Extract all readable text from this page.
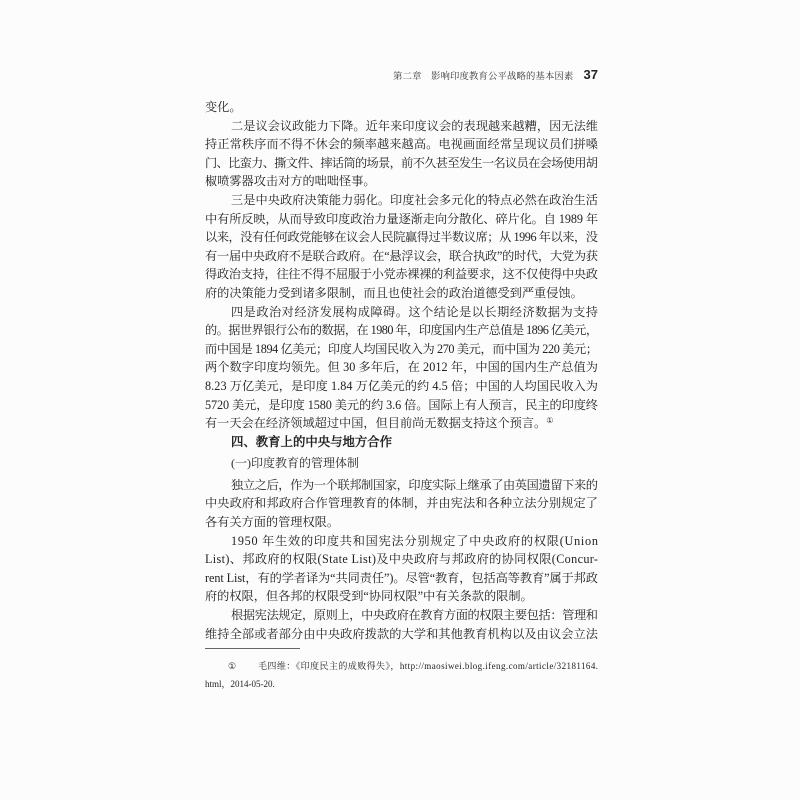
第二章　影响印度教育公平战略的基本因素 37
变化。
二是议会议政能力下降。近年来印度议会的表现越来越糟，因无法维
持正常秩序而不得不休会的频率越来越高。电视画面经常呈现议员们拼嗓
门、比蛮力、撕文件、摔话筒的场景，前不久甚至发生一名议员在会场使用胡
椒喷雾器攻击对方的咄咄怪事。
三是中央政府决策能力弱化。印度社会多元化的特点必然在政治生活
中有所反映，从而导致印度政治力量逐渐走向分散化、碎片化。自 1989 年
以来，没有任何政党能够在议会人民院赢得过半数议席；从 1996 年以来，没
有一届中央政府不是联合政府。在“悬浮议会，联合执政”的时代，大党为获
得政治支持，往往不得不屈服于小党赤裸裸的利益要求，这不仅使得中央政
府的决策能力受到诸多限制，而且也使社会的政治道德受到严重侵蚀。
四是政治对经济发展构成障碍。这个结论是以长期经济数据为支持
的。据世界银行公布的数据，在 1980 年，印度国内生产总值是 1896 亿美元，
而中国是 1894 亿美元；印度人均国民收入为 270 美元，而中国为 220 美元；
两个数字印度均领先。但 30 多年后，在 2012 年，中国的国内生产总值为
8.23 万亿美元，是印度 1.84 万亿美元的约 4.5 倍；中国的人均国民收入为
5720 美元，是印度 1580 美元的约 3.6 倍。国际上有人预言，民主的印度终
有一天会在经济领域超过中国，但目前尚无数据支持这个预言。①
四、教育上的中央与地方合作
(一)印度教育的管理体制
独立之后，作为一个联邦制国家，印度实际上继承了由英国遗留下来的
中央政府和邦政府合作管理教育的体制，并由宪法和各种立法分别规定了
各有关方面的管理权限。
1950 年生效的印度共和国宪法分别规定了中央政府的权限(Union
List)、邦政府的权限(State List)及中央政府与邦政府的协同权限(Concur-
rent List，有的学者译为“共同责任”)。尽管“教育，包括高等教育”属于邦政
府的权限，但各邦的权限受到“协同权限”中有关条款的限制。
根据宪法规定，原则上，中央政府在教育方面的权限主要包括：管理和
维持全部或者部分由中央政府拨款的大学和其他教育机构以及由议会立法
① 毛四维：《印度民主的成败得失》，http://maosiwei.blog.ifeng.com/article/32181164.
html，2014-05-20.
